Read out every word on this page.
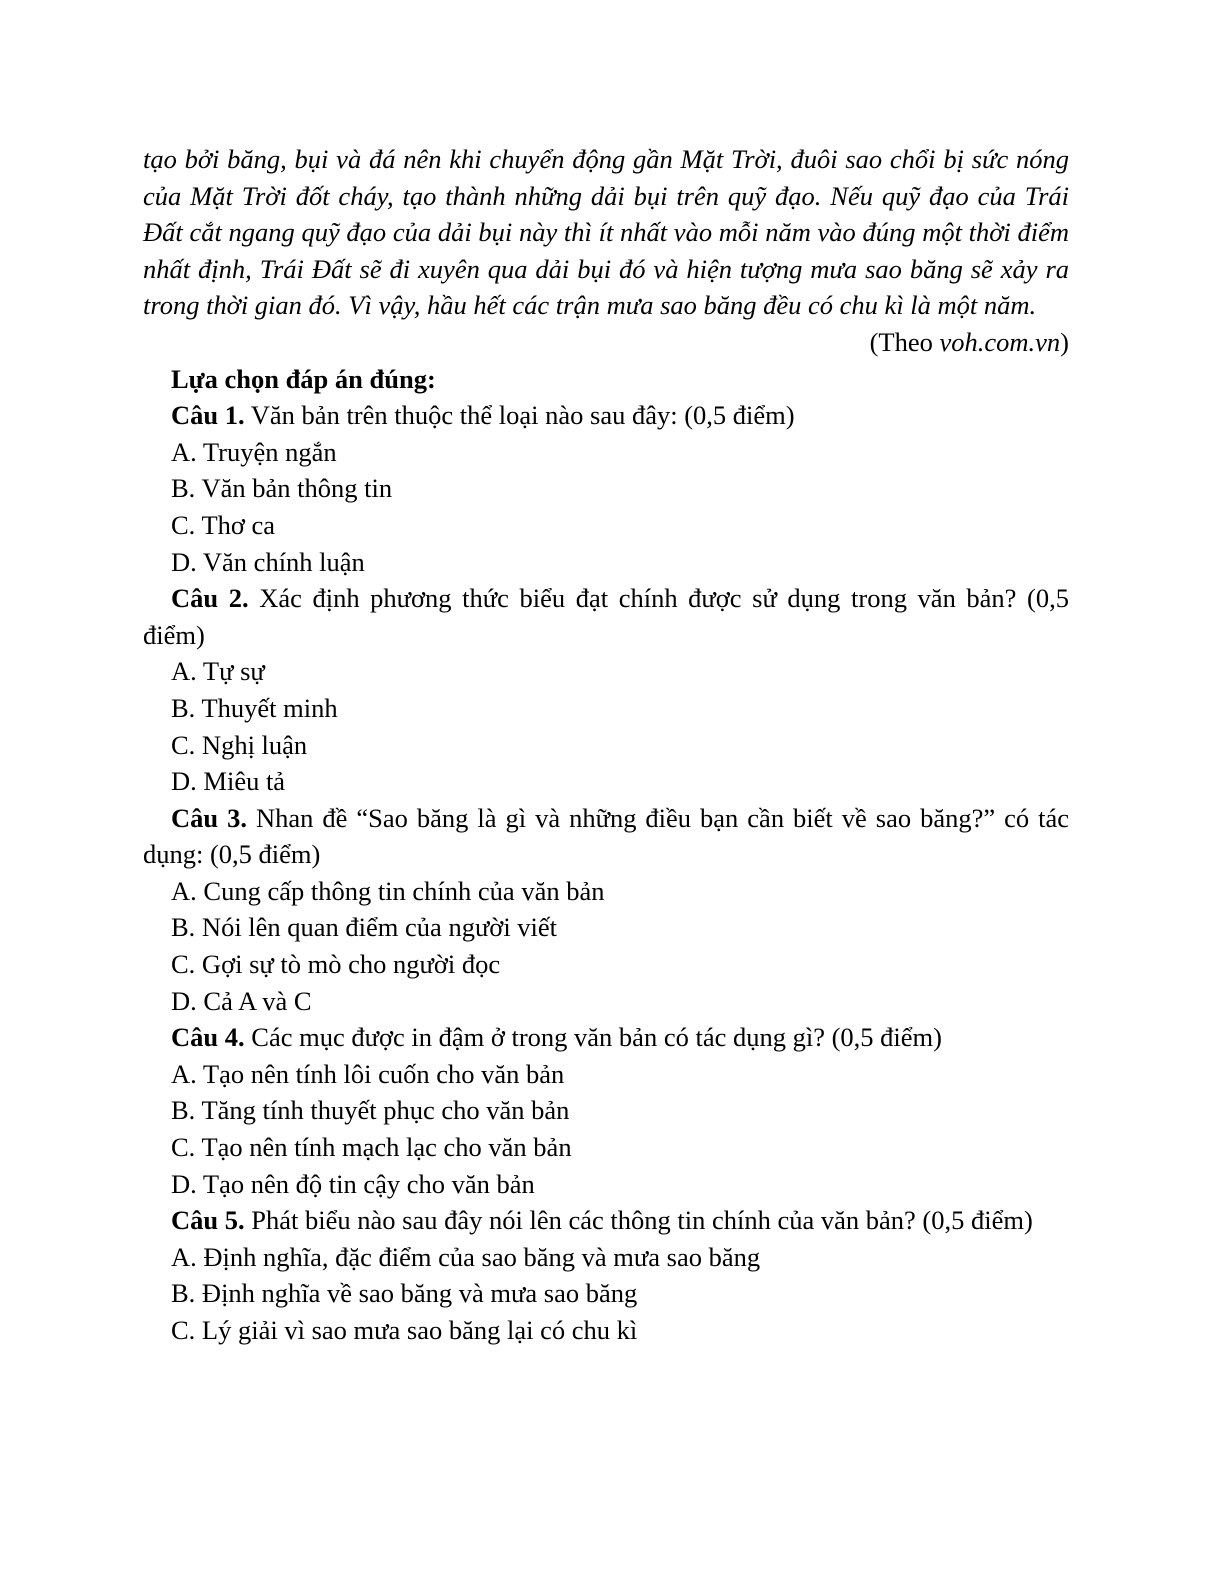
tạo bởi băng, bụi và đá nên khi chuyển động gần Mặt Trời, đuôi sao chổi bị sức nóng của Mặt Trời đốt cháy, tạo thành những dải bụi trên quỹ đạo. Nếu quỹ đạo của Trái Đất cắt ngang quỹ đạo của dải bụi này thì ít nhất vào mỗi năm vào đúng một thời điểm nhất định, Trái Đất sẽ đi xuyên qua dải bụi đó và hiện tượng mưa sao băng sẽ xảy ra trong thời gian đó. Vì vậy, hầu hết các trận mưa sao băng đều có chu kì là một năm.

(Theo voh.com.vn)

Lựa chọn đáp án đúng:

Câu 1. Văn bản trên thuộc thể loại nào sau đây: (0,5 điểm)

A. Truyện ngắn

B. Văn bản thông tin

C. Thơ ca

D. Văn chính luận

Câu 2. Xác định phương thức biểu đạt chính được sử dụng trong văn bản? (0,5 điểm)

A. Tự sự

B. Thuyết minh

C. Nghị luận

D. Miêu tả

Câu 3. Nhan đề “Sao băng là gì và những điều bạn cần biết về sao băng?” có tác dụng: (0,5 điểm)

A. Cung cấp thông tin chính của văn bản

B. Nói lên quan điểm của người viết

C. Gợi sự tò mò cho người đọc

D. Cả A và C

Câu 4. Các mục được in đậm ở trong văn bản có tác dụng gì? (0,5 điểm)

A. Tạo nên tính lôi cuốn cho văn bản

B. Tăng tính thuyết phục cho văn bản

C. Tạo nên tính mạch lạc cho văn bản

D. Tạo nên độ tin cậy cho văn bản

Câu 5. Phát biểu nào sau đây nói lên các thông tin chính của văn bản? (0,5 điểm)

A. Định nghĩa, đặc điểm của sao băng và mưa sao băng

B. Định nghĩa về sao băng và mưa sao băng

C. Lý giải vì sao mưa sao băng lại có chu kì
